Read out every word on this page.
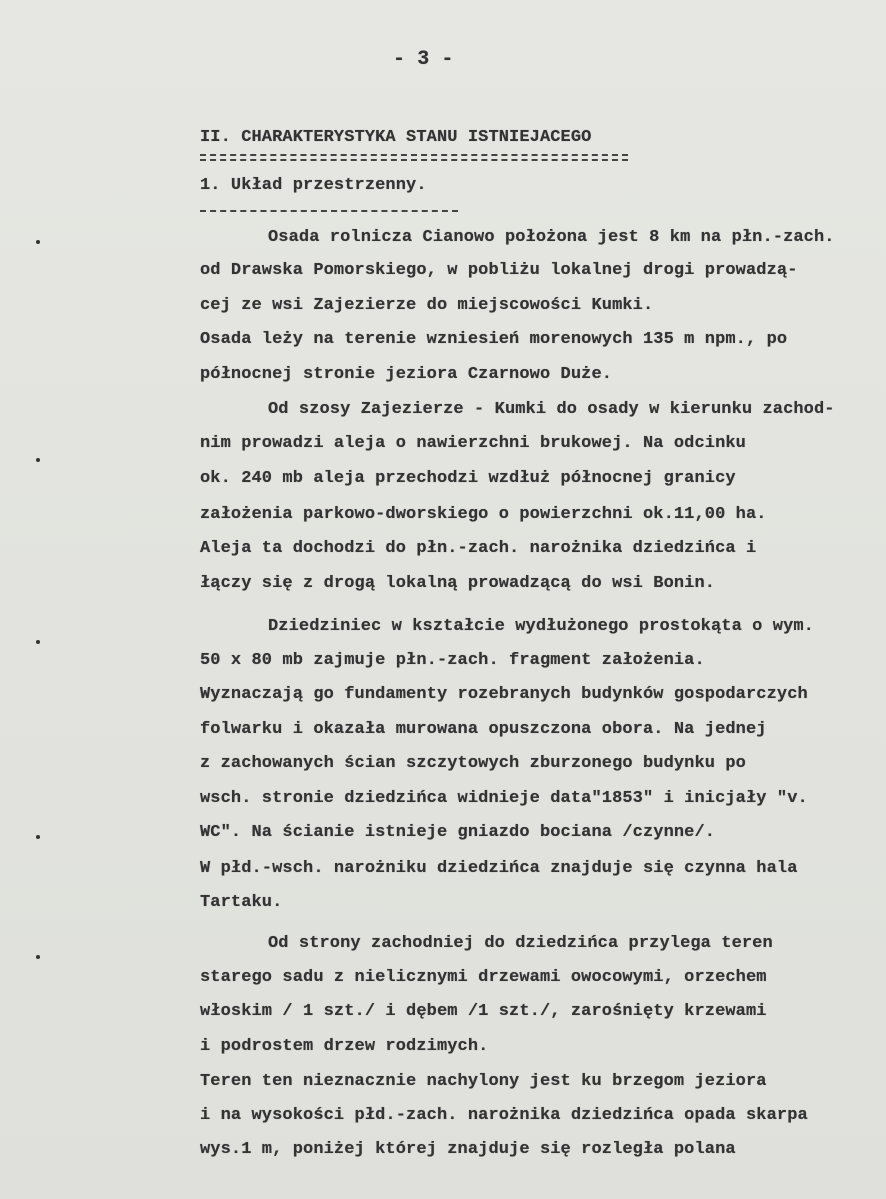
- 3 -
II. CHARAKTERYSTYKA STANU ISTNIEJACEGO
1. Układ przestrzenny.
Osada rolnicza Cianowo położona jest 8 km na płn.-zach.
od Drawska Pomorskiego, w pobliżu lokalnej drogi prowadzą-
cej ze wsi Zajezierze do miejscowości Kumki.
Osada leży na terenie wzniesień morenowych 135 m npm., po
północnej stronie jeziora Czarnowo Duże.
Od szosy Zajezierze - Kumki do osady w kierunku zachod-
nim prowadzi aleja o nawierzchni brukowej. Na odcinku
ok. 240 mb aleja przechodzi wzdłuż północnej granicy
założenia parkowo-dworskiego o powierzchni ok.11,00 ha.
Aleja ta dochodzi do płn.-zach. narożnika dziedzińca i
łączy się z drogą lokalną prowadzącą do wsi Bonin.
Dziedziniec w kształcie wydłużonego prostokąta o wym.
50 x 80 mb zajmuje płn.-zach. fragment założenia.
Wyznaczają go fundamenty rozebranych budynków gospodarczych
folwarku i okazała murowana opuszczona obora. Na jednej
z zachowanych ścian szczytowych zburzonego budynku po
wsch. stronie dziedzińca widnieje data"1853" i inicjały "v.
WC". Na ścianie istnieje gniazdo bociana /czynne/.
W płd.-wsch. narożniku dziedzińca znajduje się czynna hala
Tartaku.
Od strony zachodniej do dziedzińca przylega teren
starego sadu z nielicznymi drzewami owocowymi, orzechem
włoskim / 1 szt./ i dębem /1 szt./, zarośnięty krzewami
i podrostem drzew rodzimych.
Teren ten nieznacznie nachylony jest ku brzegom jeziora
i na wysokości płd.-zach. narożnika dziedzińca opada skarpa
wys.1 m, poniżej której znajduje się rozległa polana
